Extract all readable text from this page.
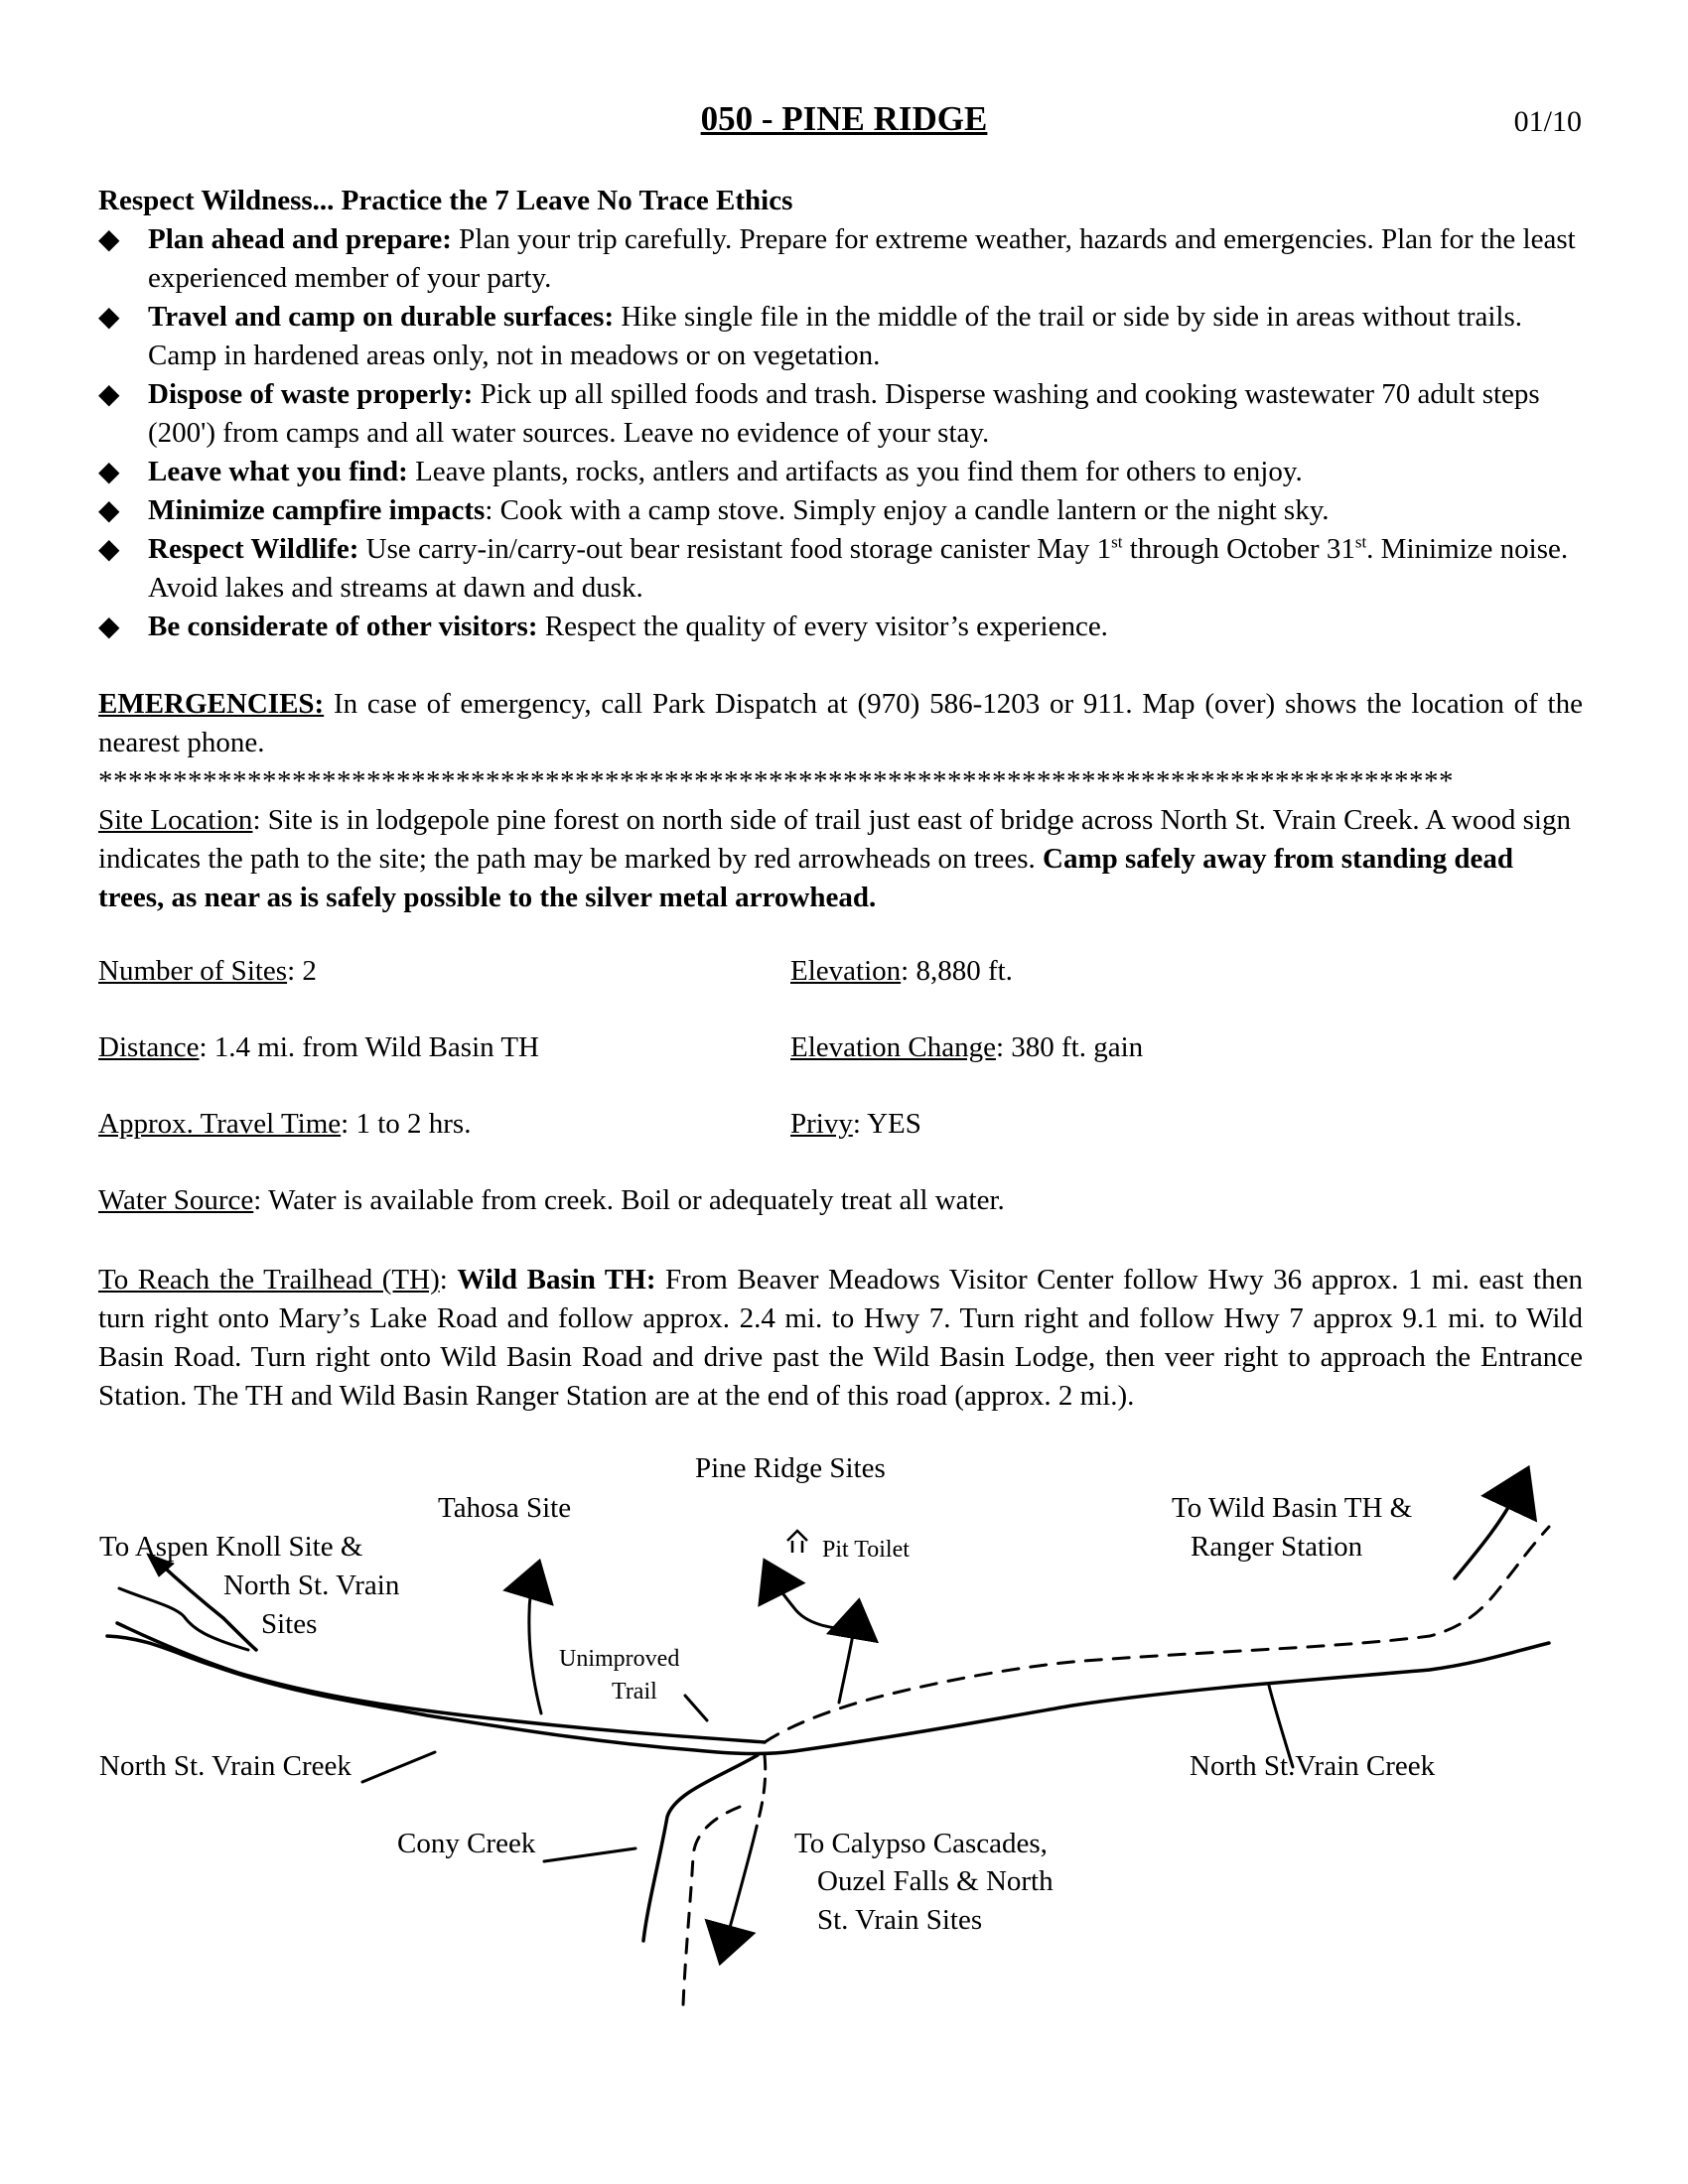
050 - PINE RIDGE	01/10

Respect Wildness... Practice the 7 Leave No Trace Ethics

◆ Plan ahead and prepare: Plan your trip carefully. Prepare for extreme weather, hazards and emergencies. Plan for the least experienced member of your party.
◆ Travel and camp on durable surfaces: Hike single file in the middle of the trail or side by side in areas without trails. Camp in hardened areas only, not in meadows or on vegetation.
◆ Dispose of waste properly: Pick up all spilled foods and trash. Disperse washing and cooking wastewater 70 adult steps (200') from camps and all water sources. Leave no evidence of your stay.
◆ Leave what you find: Leave plants, rocks, antlers and artifacts as you find them for others to enjoy.
◆ Minimize campfire impacts: Cook with a camp stove. Simply enjoy a candle lantern or the night sky.
◆ Respect Wildlife: Use carry-in/carry-out bear resistant food storage canister May 1st through October 31st. Minimize noise. Avoid lakes and streams at dawn and dusk.
◆ Be considerate of other visitors: Respect the quality of every visitor’s experience.

EMERGENCIES: In case of emergency, call Park Dispatch at (970) 586-1203 or 911. Map (over) shows the location of the nearest phone.

*******************************************************************************************

Site Location: Site is in lodgepole pine forest on north side of trail just east of bridge across North St. Vrain Creek. A wood sign indicates the path to the site; the path may be marked by red arrowheads on trees. Camp safely away from standing dead trees, as near as is safely possible to the silver metal arrowhead.

Number of Sites: 2	Elevation: 8,880 ft.
Distance: 1.4 mi. from Wild Basin TH	Elevation Change: 380 ft. gain
Approx. Travel Time: 1 to 2 hrs.	Privy: YES
Water Source: Water is available from creek. Boil or adequately treat all water.

To Reach the Trailhead (TH): Wild Basin TH: From Beaver Meadows Visitor Center follow Hwy 36 approx. 1 mi. east then turn right onto Mary’s Lake Road and follow approx. 2.4 mi. to Hwy 7. Turn right and follow Hwy 7 approx 9.1 mi. to Wild Basin Road. Turn right onto Wild Basin Road and drive past the Wild Basin Lodge, then veer right to approach the Entrance Station. The TH and Wild Basin Ranger Station are at the end of this road (approx. 2 mi.).

Pine Ridge Sites
Tahosa Site
Pit Toilet
To Wild Basin TH &
Ranger Station
To Aspen Knoll Site &
North St. Vrain
Sites
Unimproved
Trail
North St. Vrain Creek	North St.Vrain Creek
Cony Creek	To Calypso Cascades,
Ouzel Falls & North
St. Vrain Sites
